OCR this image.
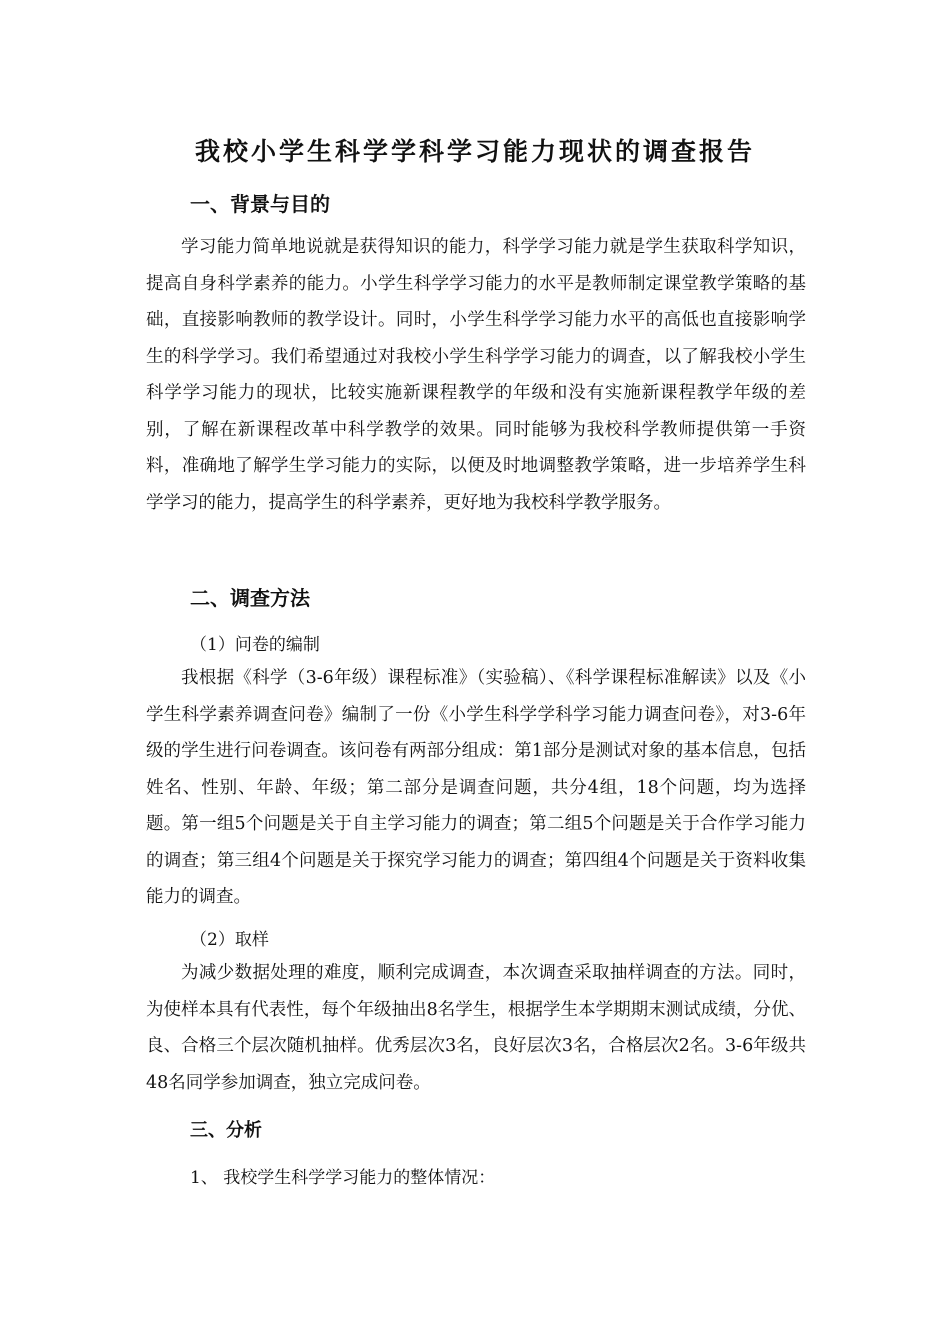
我校小学生科学学科学习能力现状的调查报告
一、背景与目的

学习能力简单地说就是获得知识的能力，科学学习能力就是学生获取科学知识，提高自身科学素养的能力。小学生科学学习能力的水平是教师制定课堂教学策略的基础，直接影响教师的教学设计。同时，小学生科学学习能力水平的高低也直接影响学生的科学学习。我们希望通过对我校小学生科学学习能力的调查，以了解我校小学生科学学习能力的现状，比较实施新课程教学的年级和没有实施新课程教学年级的差别，了解在新课程改革中科学教学的效果。同时能够为我校科学教师提供第一手资料，准确地了解学生学习能力的实际，以便及时地调整教学策略，进一步培养学生科学学习的能力，提高学生的科学素养，更好地为我校科学教学服务。

二、调查方法
（1）问卷的编制

我根据《科学（3-6年级）课程标准》（实验稿）、《科学课程标准解读》以及《小学生科学素养调查问卷》编制了一份《小学生科学学科学习能力调查问卷》，对3-6年级的学生进行问卷调查。该问卷有两部分组成：第1部分是测试对象的基本信息，包括姓名、性别、年龄、年级；第二部分是调查问题，共分4组，18个问题，均为选择题。第一组5个问题是关于自主学习能力的调查；第二组5个问题是关于合作学习能力的调查；第三组4个问题是关于探究学习能力的调查；第四组4个问题是关于资料收集能力的调查。

（2）取样

为减少数据处理的难度，顺利完成调查，本次调查采取抽样调查的方法。同时，为使样本具有代表性，每个年级抽出8名学生，根据学生本学期期末测试成绩，分优、良、合格三个层次随机抽样。优秀层次3名，良好层次3名，合格层次2名。3-6年级共48名同学参加调查，独立完成问卷。

三、分析
1、 我校学生科学学习能力的整体情况：
